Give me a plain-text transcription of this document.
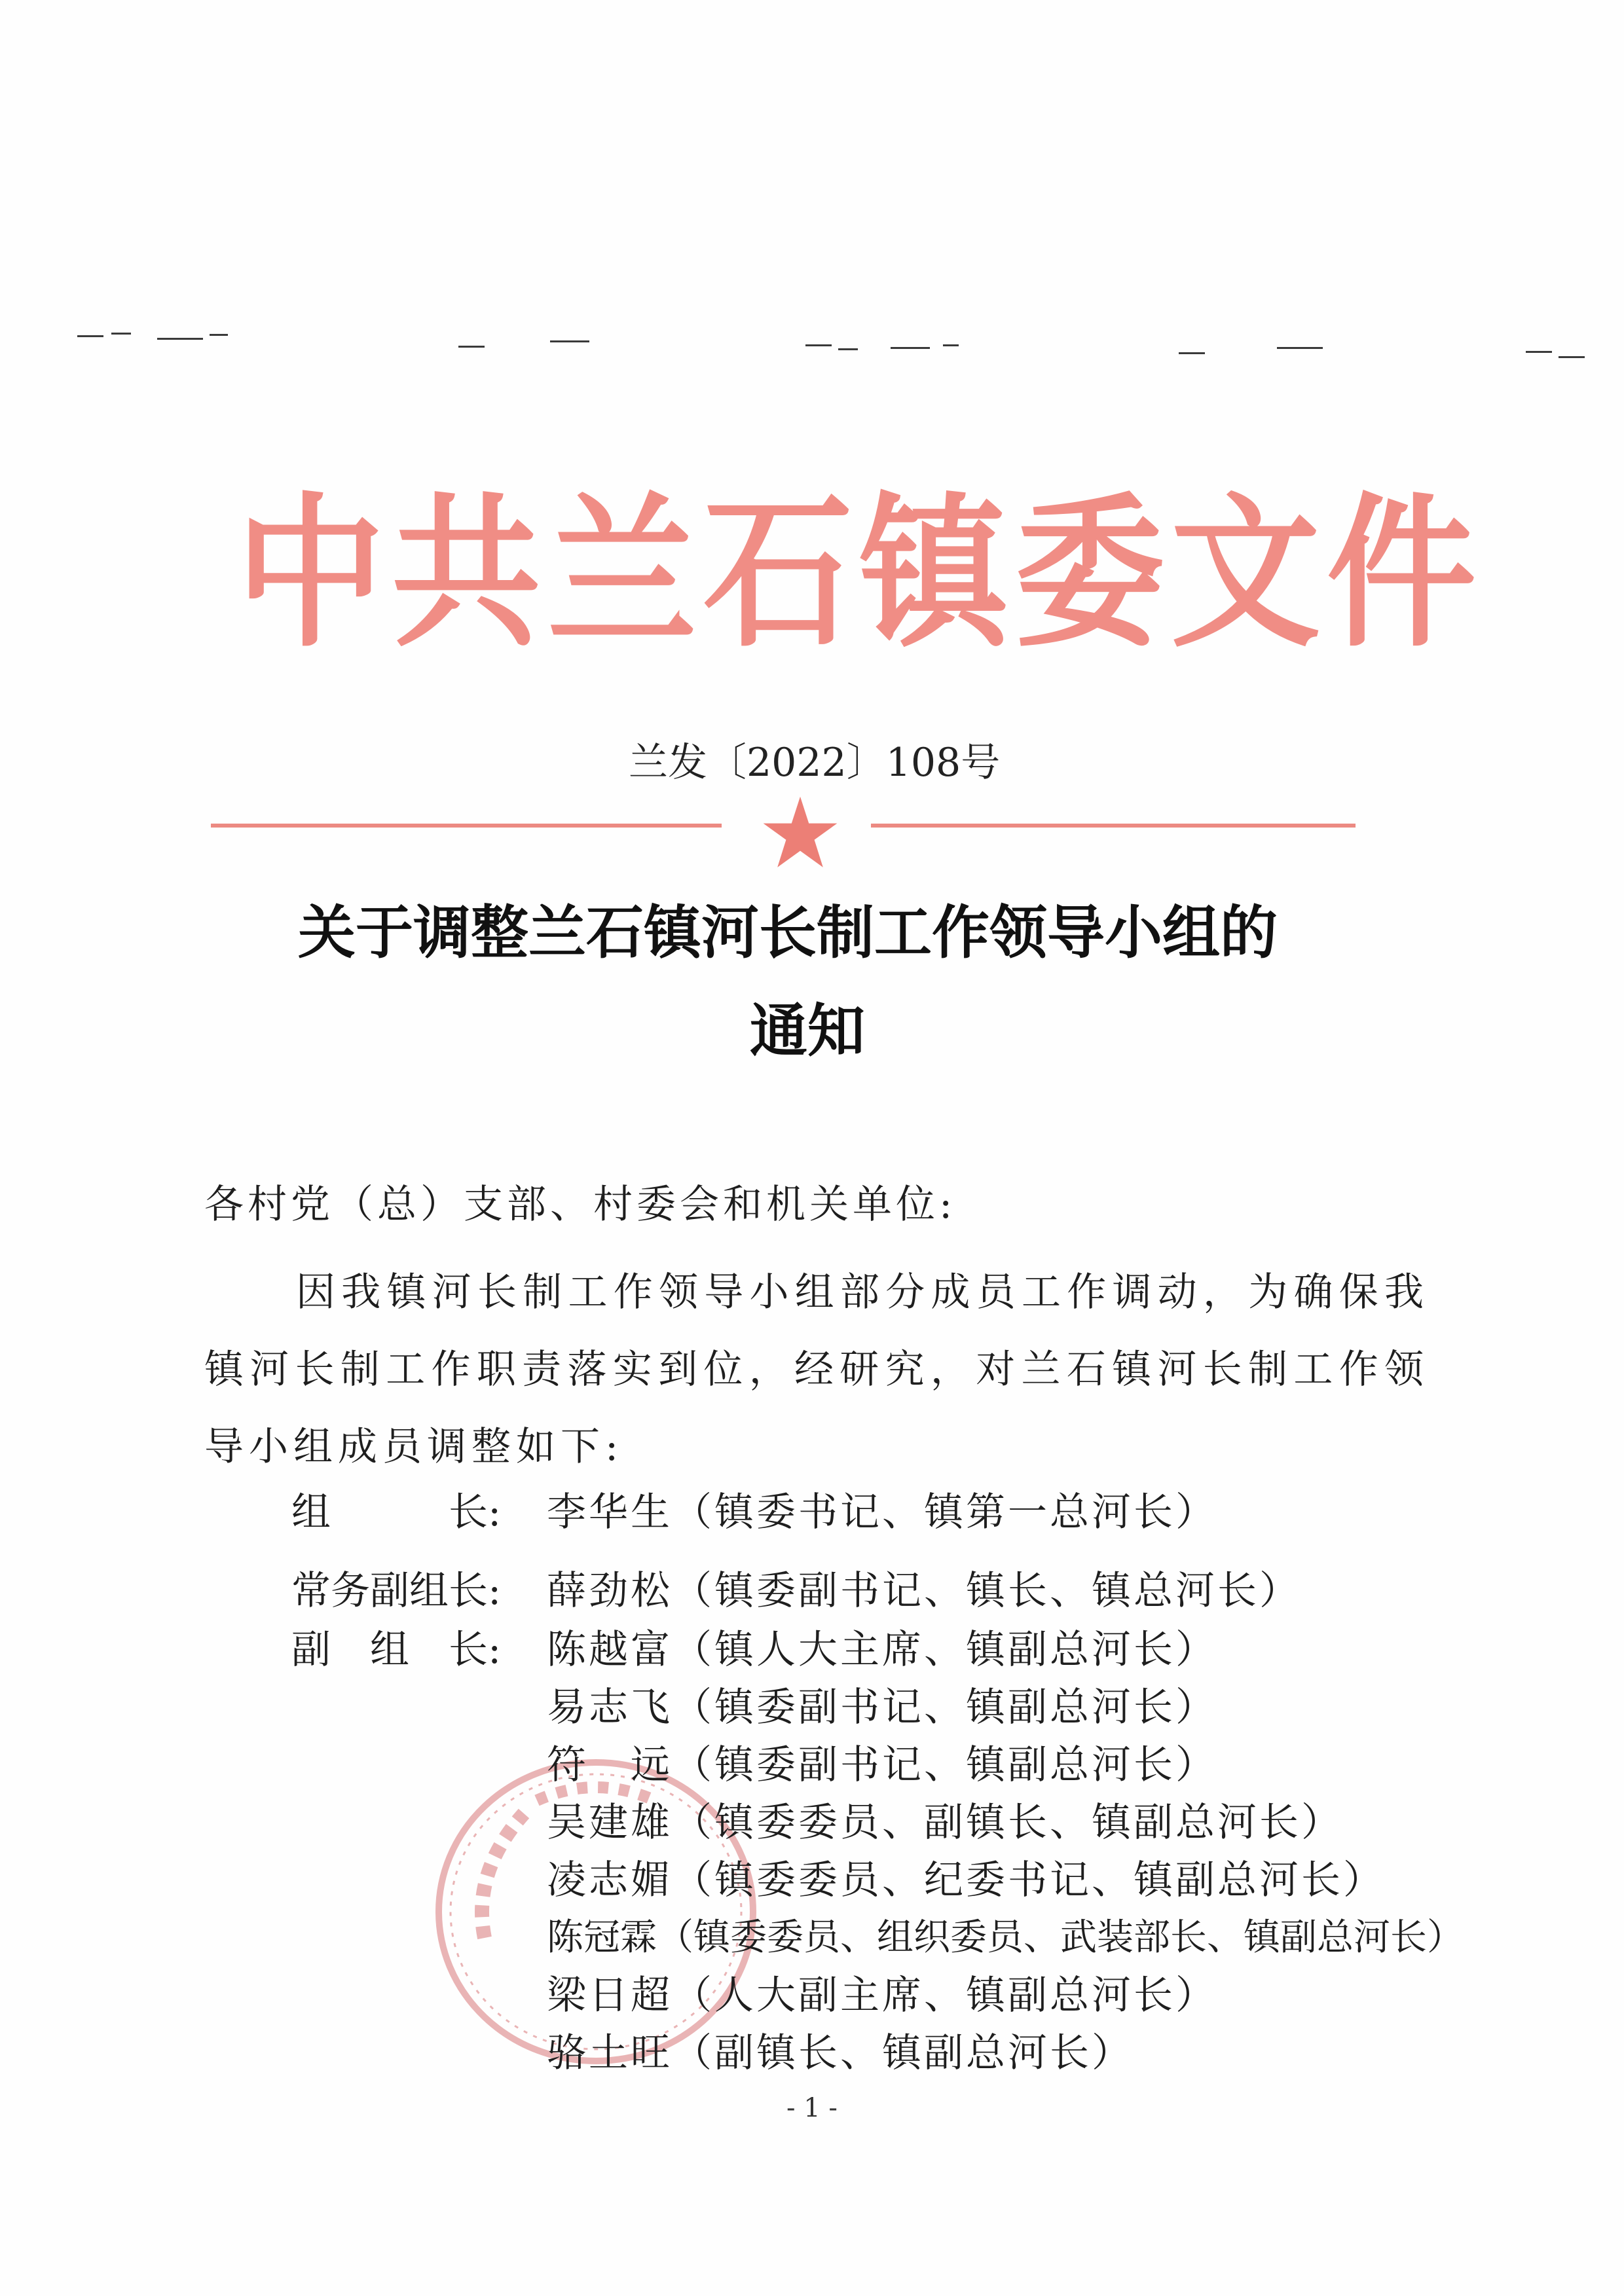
中共兰石镇委文件
兰发〔2022〕108号
关于调整兰石镇河长制工作领导小组的
通知
各村党（总）支部、村委会和机关单位:
因我镇河长制工作领导小组部分成员工作调动，为确保我镇河长制工作职责落实到位，经研究，对兰石镇河长制工作领导小组成员调整如下:
组　　　长: 李华生（镇委书记、镇第一总河长）
常务副组长: 薛劲松（镇委副书记、镇长、镇总河长）
副　组　长: 陈越富（镇人大主席、镇副总河长）
易志飞（镇委副书记、镇副总河长）
符　远（镇委副书记、镇副总河长）
吴建雄（镇委委员、副镇长、镇副总河长）
凌志媚（镇委委员、纪委书记、镇副总河长）
陈冠霖（镇委委员、组织委员、武装部长、镇副总河长）
梁日超（人大副主席、镇副总河长）
骆土旺（副镇长、镇副总河长）
- 1 -
